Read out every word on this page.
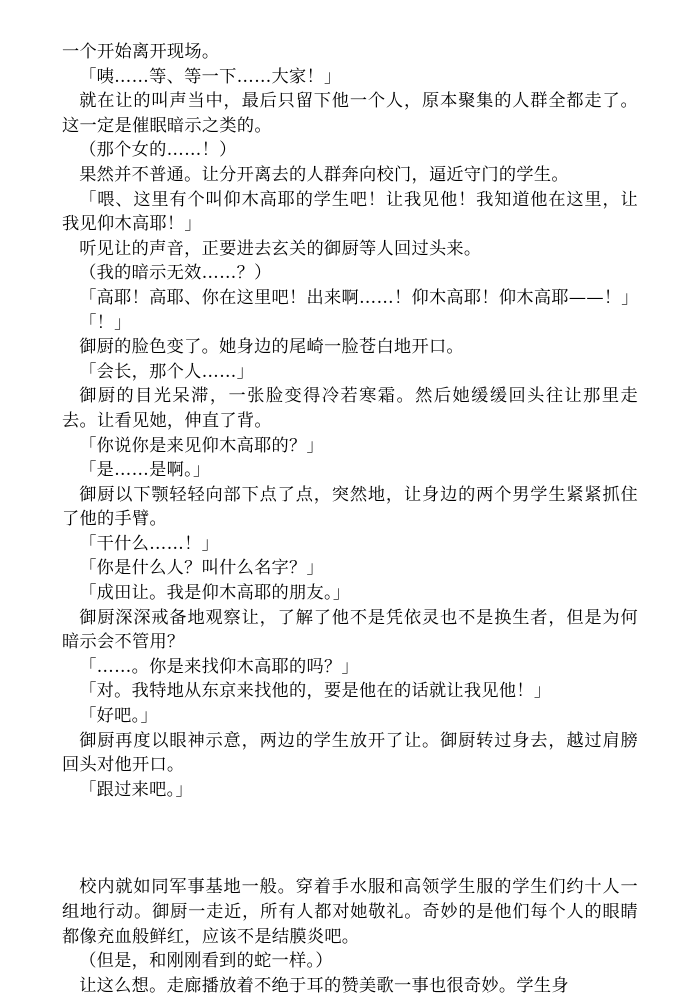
一个开始离开现场。

「咦……等、等一下……大家！」

就在让的叫声当中，最后只留下他一个人，原本聚集的人群全都走了。这一定是催眠暗示之类的。

（那个女的……！）

果然并不普通。让分开离去的人群奔向校门，逼近守门的学生。

「喂、这里有个叫仰木高耶的学生吧！让我见他！我知道他在这里，让我见仰木高耶！」

听见让的声音，正要进去玄关的御厨等人回过头来。

（我的暗示无效……？）

「高耶！高耶、你在这里吧！出来啊……！仰木高耶！仰木高耶——！」

「！」

御厨的脸色变了。她身边的尾崎一脸苍白地开口。

「会长，那个人……」

御厨的目光呆滞，一张脸变得冷若寒霜。然后她缓缓回头往让那里走去。让看见她，伸直了背。

「你说你是来见仰木高耶的？」

「是……是啊。」

御厨以下颚轻轻向部下点了点，突然地，让身边的两个男学生紧紧抓住了他的手臂。

「干什么……！」

「你是什么人？叫什么名字？」

「成田让。我是仰木高耶的朋友。」

御厨深深戒备地观察让，了解了他不是凭依灵也不是换生者，但是为何暗示会不管用？

「……。你是来找仰木高耶的吗？」

「对。我特地从东京来找他的，要是他在的话就让我见他！」

「好吧。」

御厨再度以眼神示意，两边的学生放开了让。御厨转过身去，越过肩膀回头对他开口。

「跟过来吧。」

校内就如同军事基地一般。穿着手水服和高领学生服的学生们约十人一组地行动。御厨一走近，所有人都对她敬礼。奇妙的是他们每个人的眼睛都像充血般鲜红，应该不是结膜炎吧。

（但是，和刚刚看到的蛇一样。）

让这么想。走廊播放着不绝于耳的赞美歌一事也很奇妙。学生身
